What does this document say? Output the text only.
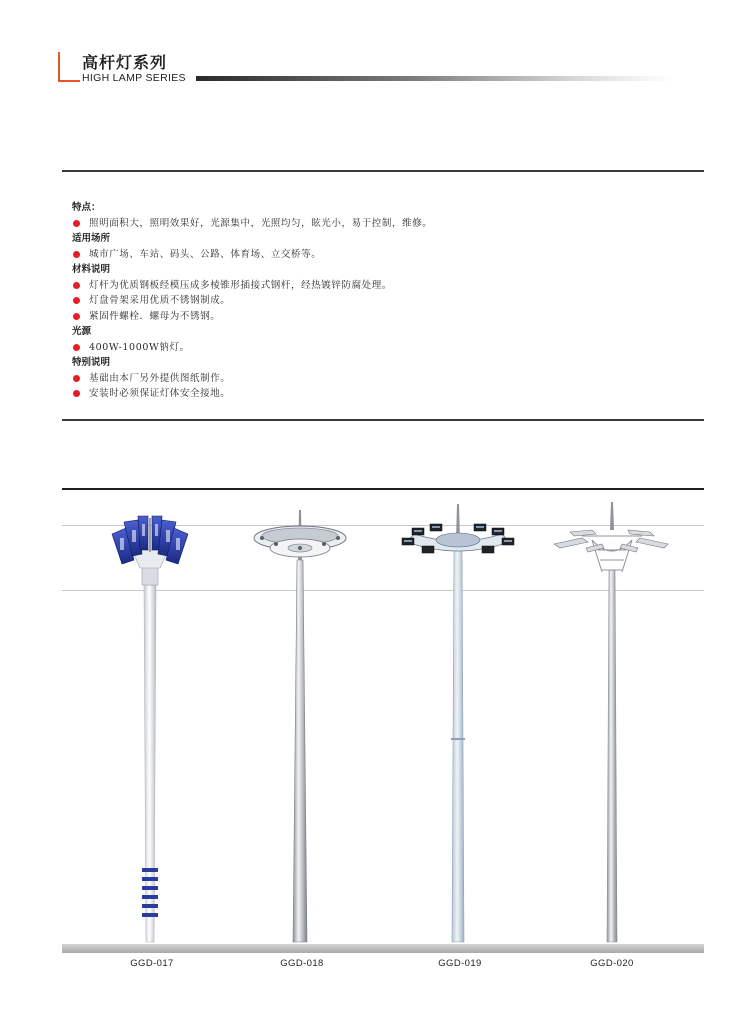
高杆灯系列
HIGH LAMP SERIES
特点：
照明面积大，照明效果好，光源集中，光照均匀，眩光小，易于控制，维修。
适用场所
城市广场、车站、码头、公路、体育场、立交桥等。
材料说明
灯杆为优质钢板经模压成多棱锥形插接式钢杆，经热镀锌防腐处理。
灯盘骨架采用优质不锈钢制成。
紧固件螺栓．螺母为不锈钢。
光源
400W-1000W钠灯。
特别说明
基础由本厂另外提供图纸制作。
安装时必须保证灯体安全接地。
GGD-017	GGD-018	GGD-019	GGD-020
